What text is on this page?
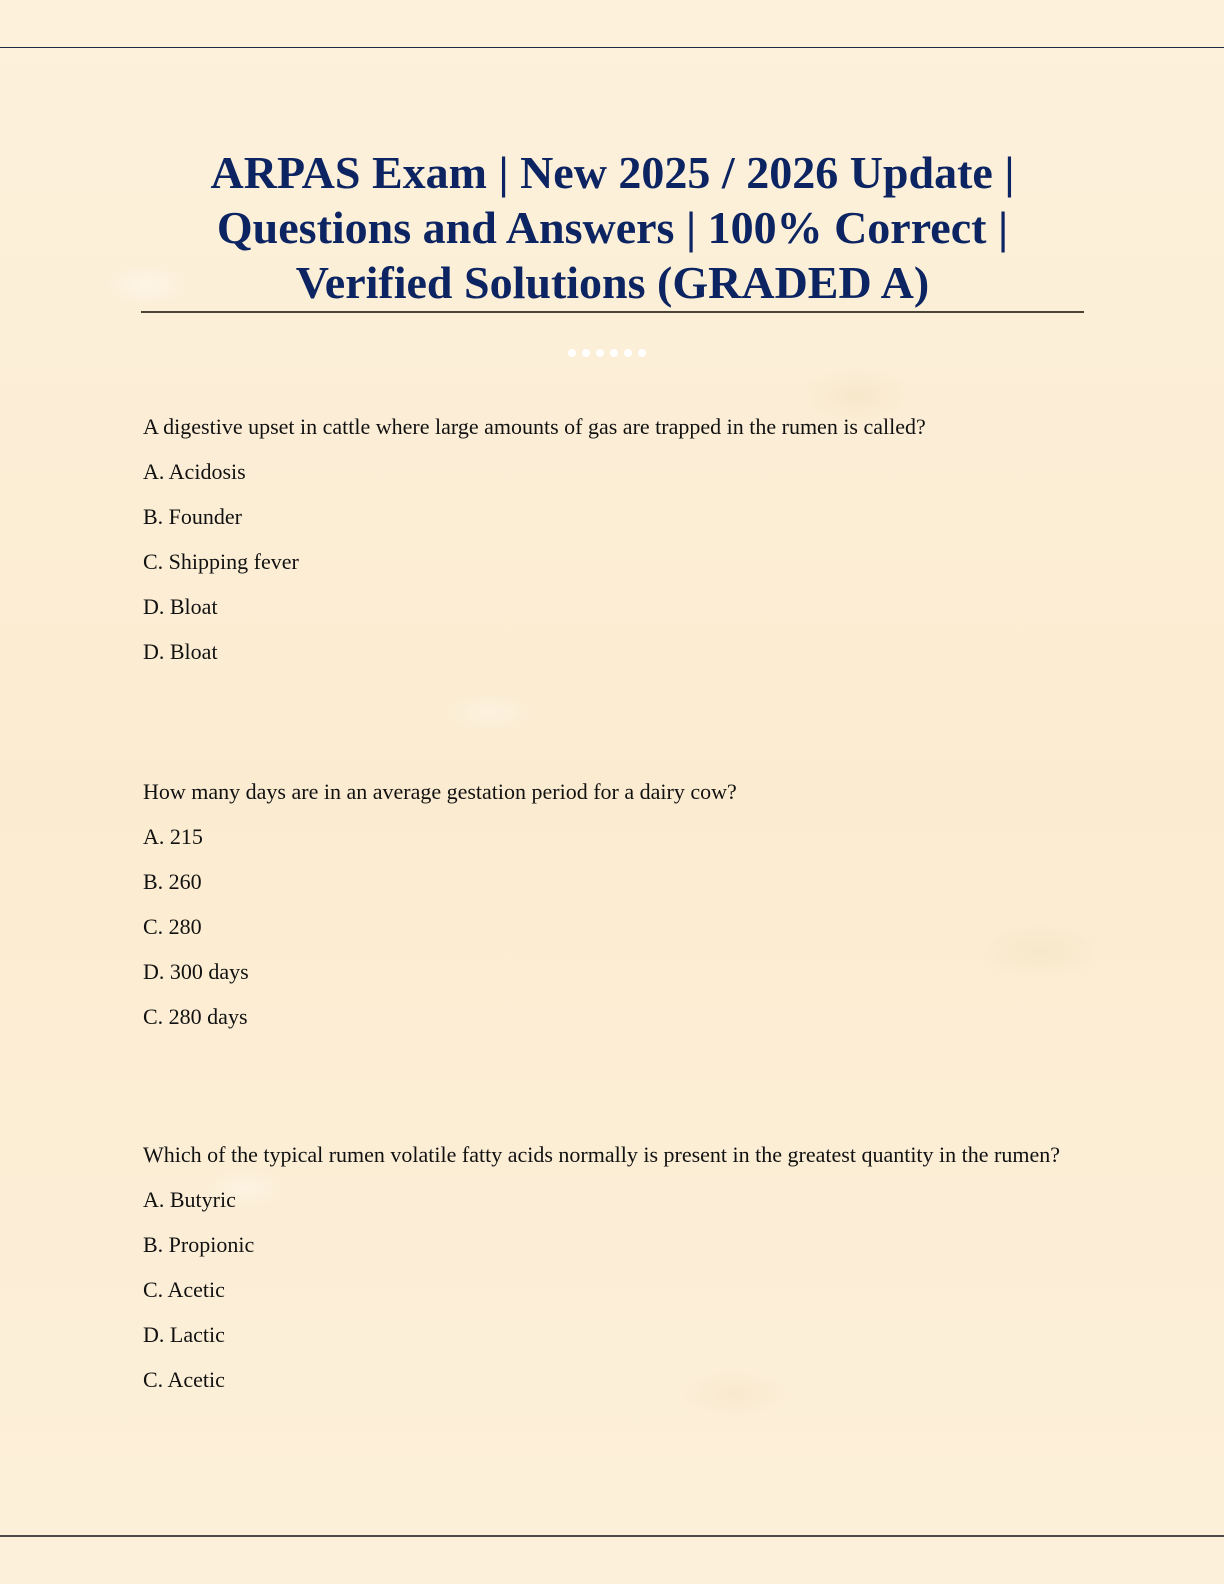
ARPAS Exam | New 2025 / 2026 Update |
Questions and Answers | 100% Correct |
Verified Solutions (GRADED A)

A digestive upset in cattle where large amounts of gas are trapped in the rumen is called?

A. Acidosis

B. Founder

C. Shipping fever

D. Bloat

D. Bloat

How many days are in an average gestation period for a dairy cow?

A. 215

B. 260

C. 280

D. 300 days

C. 280 days

Which of the typical rumen volatile fatty acids normally is present in the greatest quantity in the rumen?

A. Butyric

B. Propionic

C. Acetic

D. Lactic

C. Acetic
